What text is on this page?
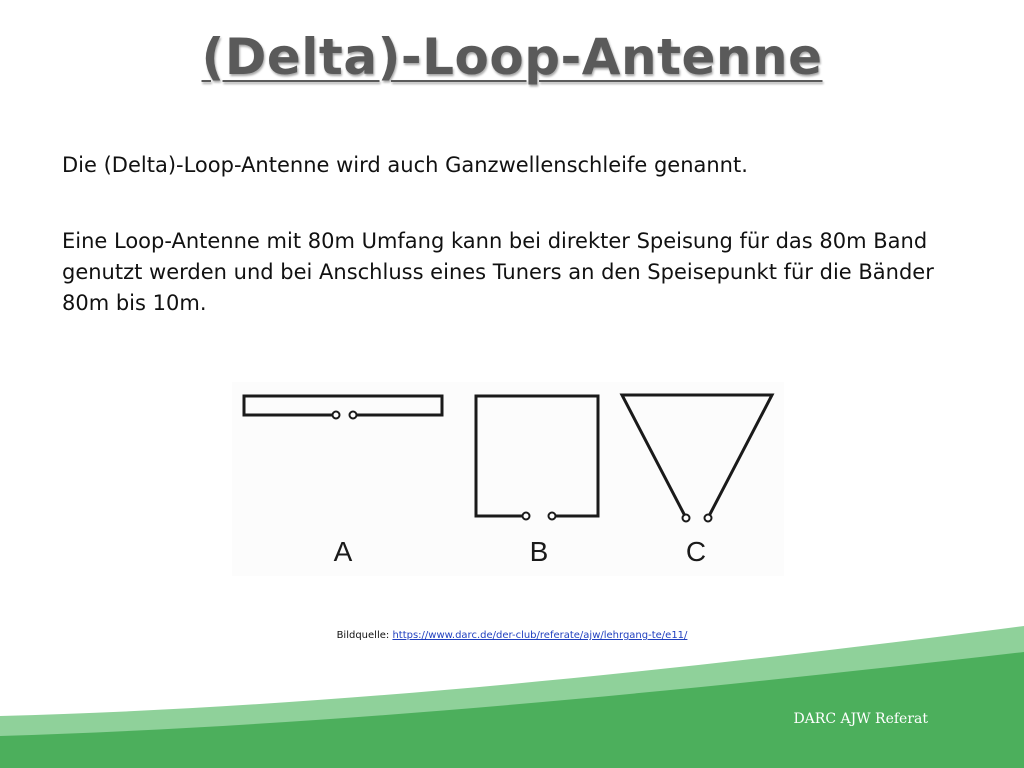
(Delta)-Loop-Antenne

Die (Delta)-Loop-Antenne wird auch Ganzwellenschleife genannt.

Eine Loop-Antenne mit 80m Umfang kann bei direkter Speisung für das 80m Band genutzt werden und bei Anschluss eines Tuners an den Speisepunkt für die Bänder 80m bis 10m.

A	B	C
Bildquelle: https://www.darc.de/der-club/referate/ajw/lehrgang-te/e11/
DARC AJW Referat
